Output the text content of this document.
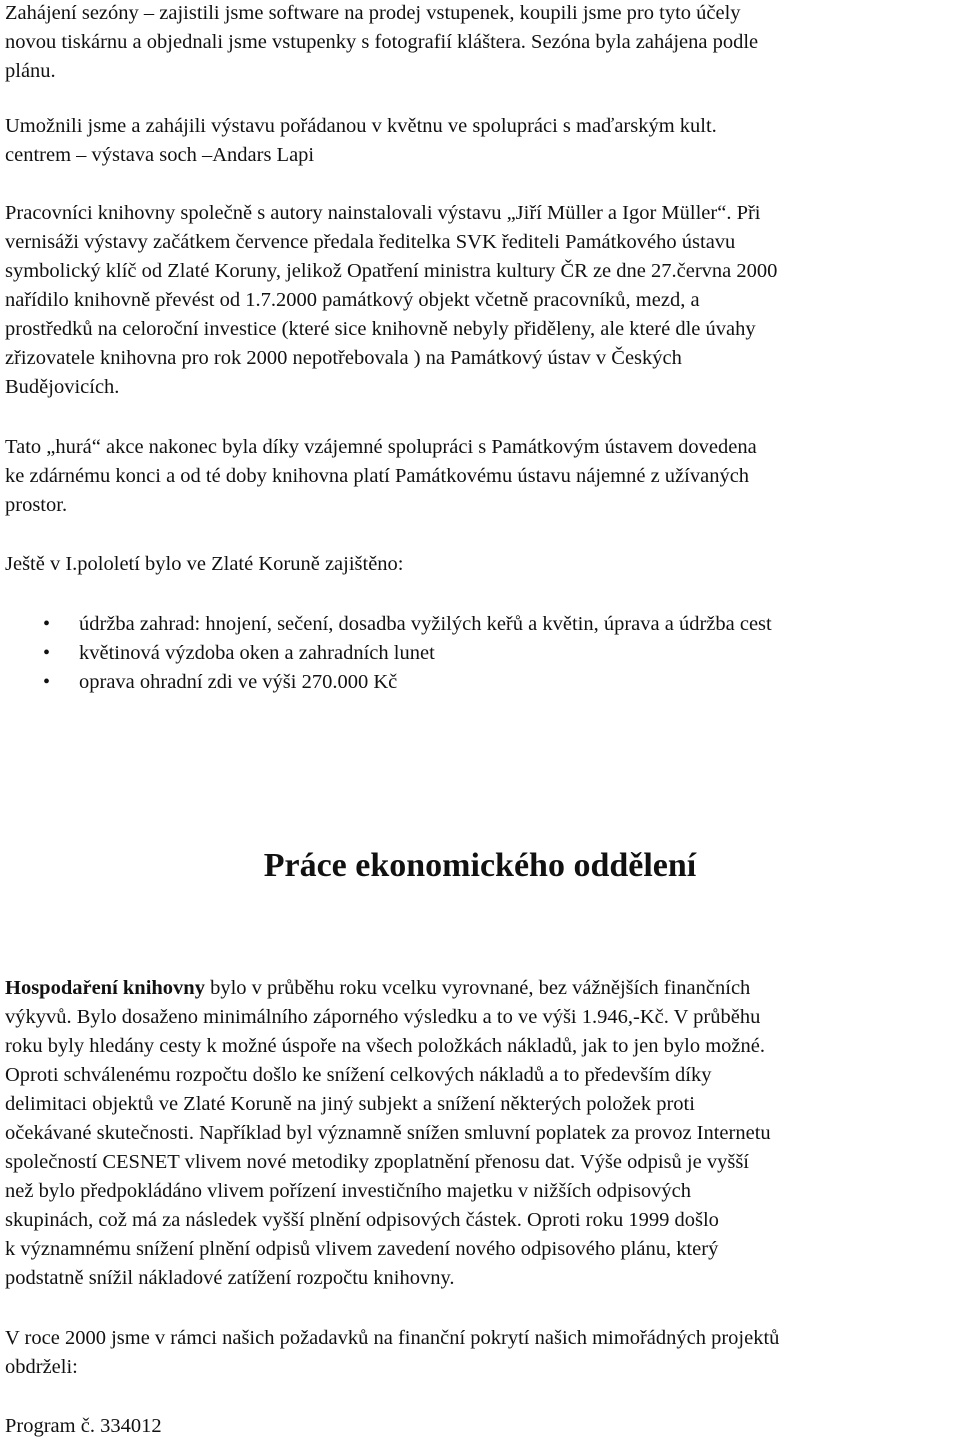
Zahájení sezóny – zajistili jsme software na prodej vstupenek, koupili jsme pro tyto účely
novou tiskárnu a objednali jsme vstupenky s fotografií kláštera. Sezóna byla zahájena podle
plánu.

Umožnili jsme a zahájili výstavu pořádanou v květnu ve spolupráci s maďarským kult.
centrem – výstava soch –Andars Lapi

Pracovníci knihovny společně s autory nainstalovali výstavu „Jiří Müller a Igor Müller“. Při
vernisáži výstavy začátkem července předala ředitelka SVK řediteli Památkového ústavu
symbolický klíč od Zlaté Koruny, jelikož Opatření ministra kultury ČR ze dne 27.června 2000
nařídilo knihovně převést od 1.7.2000 památkový objekt včetně pracovníků, mezd, a
prostředků na celoroční investice (které sice knihovně nebyly přiděleny, ale které dle úvahy
zřizovatele knihovna pro rok 2000 nepotřebovala ) na Památkový ústav v Českých
Budějovicích.

Tato „hurá“ akce nakonec byla díky vzájemné spolupráci s Památkovým ústavem dovedena
ke zdárnému konci a od té doby knihovna platí Památkovému ústavu nájemné z užívaných
prostor.

Ještě v I.pololetí bylo ve Zlaté Koruně zajištěno:

• údržba zahrad: hnojení, sečení, dosadba vyžilých keřů a květin, úprava a údržba cest
• květinová výzdoba oken a zahradních lunet
• oprava ohradní zdi ve výši 270.000 Kč
Práce ekonomického oddělení

Hospodaření knihovny bylo v průběhu roku vcelku vyrovnané, bez vážnějších finančních
výkyvů. Bylo dosaženo minimálního záporného výsledku a to ve výši 1.946,-Kč. V průběhu
roku byly hledány cesty k možné úspoře na všech položkách nákladů, jak to jen bylo možné.
Oproti schválenému rozpočtu došlo ke snížení celkových nákladů a to především díky
delimitaci objektů ve Zlaté Koruně na jiný subjekt a snížení některých položek proti
očekávané skutečnosti. Například byl významně snížen smluvní poplatek za provoz Internetu
společností CESNET vlivem nové metodiky zpoplatnění přenosu dat. Výše odpisů je vyšší
než bylo předpokládáno vlivem pořízení investičního majetku v nižších odpisových
skupinách, což má za následek vyšší plnění odpisových částek. Oproti roku 1999 došlo
k významnému snížení plnění odpisů vlivem zavedení nového odpisového plánu, který
podstatně snížil nákladové zatížení rozpočtu knihovny.

V roce 2000 jsme v rámci našich požadavků na finanční pokrytí našich mimořádných projektů
obdrželi:

Program č. 334012
